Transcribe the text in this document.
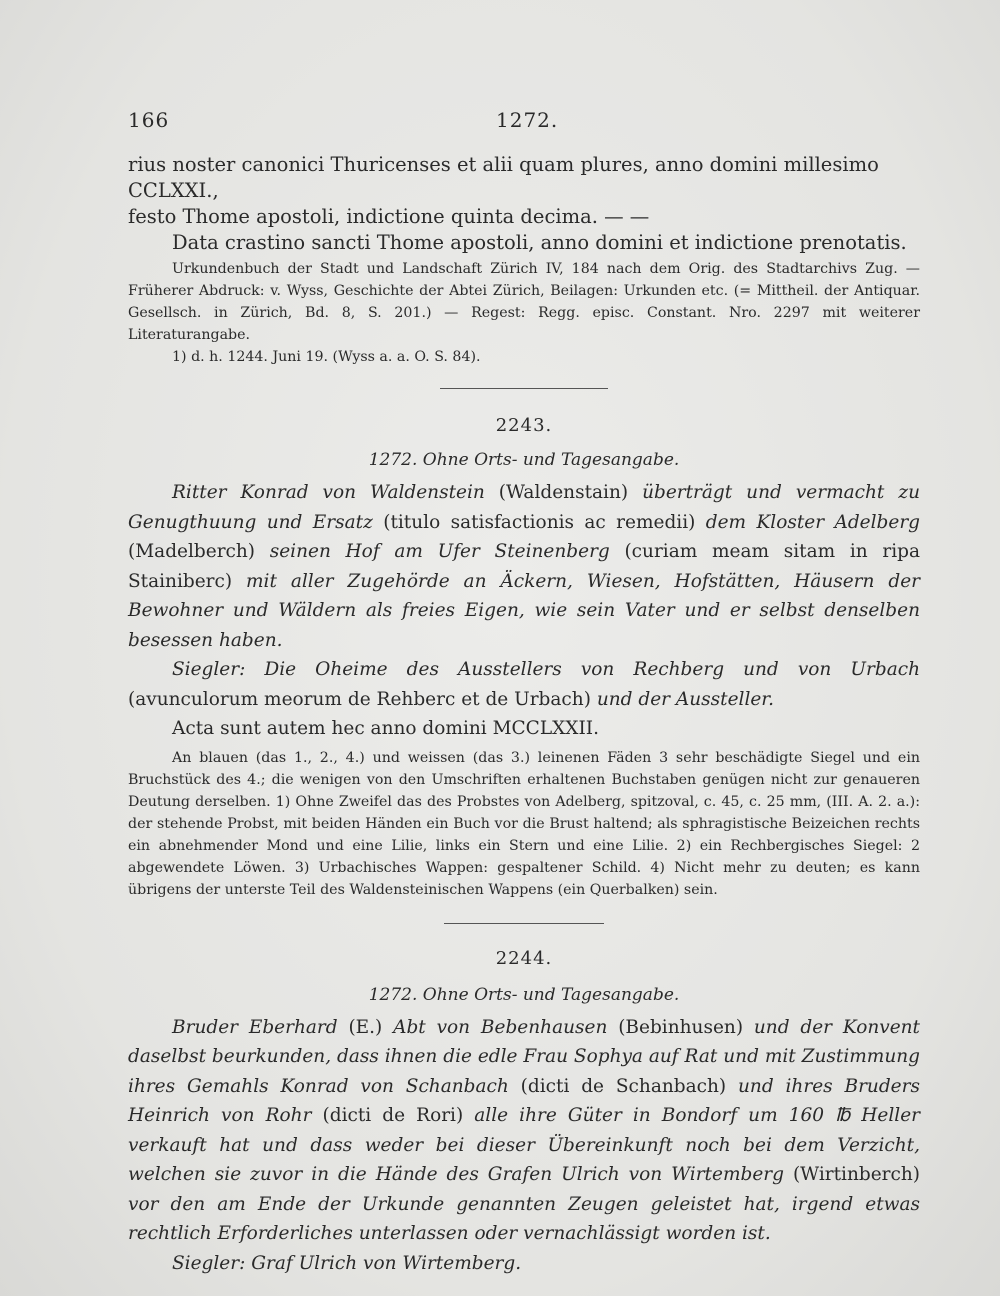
166	1272.

rius noster canonici Thuricenses et alii quam plures, anno domini millesimo CCLXXI.,

festo Thome apostoli, indictione quinta decima. — —

Data crastino sancti Thome apostoli, anno domini et indictione prenotatis.

Urkundenbuch der Stadt und Landschaft Zürich IV, 184 nach dem Orig. des Stadtarchivs Zug. — Früherer Abdruck: v. Wyss, Geschichte der Abtei Zürich, Beilagen: Urkunden etc. (= Mittheil. der Antiquar. Gesellsch. in Zürich, Bd. 8, S. 201.) — Regest: Regg. episc. Constant. Nro. 2297 mit weiterer Literaturangabe.

1) d. h. 1244. Juni 19. (Wyss a. a. O. S. 84).

2243.

1272. Ohne Orts- und Tagesangabe.

Ritter Konrad von Waldenstein (Waldenstain) überträgt und vermacht zu Genugthuung und Ersatz (titulo satisfactionis ac remedii) dem Kloster Adelberg (Madelberch) seinen Hof am Ufer Steinenberg (curiam meam sitam in ripa Stainiberc) mit aller Zugehörde an Äckern, Wiesen, Hofstätten, Häusern der Bewohner und Wäldern als freies Eigen, wie sein Vater und er selbst denselben besessen haben.

Siegler: Die Oheime des Ausstellers von Rechberg und von Urbach (avunculorum meorum de Rehberc et de Urbach) und der Aussteller.

Acta sunt autem hec anno domini MCCLXXII.

An blauen (das 1., 2., 4.) und weissen (das 3.) leinenen Fäden 3 sehr beschädigte Siegel und ein Bruchstück des 4.; die wenigen von den Umschriften erhaltenen Buchstaben genügen nicht zur genaueren Deutung derselben. 1) Ohne Zweifel das des Probstes von Adelberg, spitzoval, c. 45, c. 25 mm, (III. A. 2. a.): der stehende Probst, mit beiden Händen ein Buch vor die Brust haltend; als sphragistische Beizeichen rechts ein abnehmender Mond und eine Lilie, links ein Stern und eine Lilie. 2) ein Rechbergisches Siegel: 2 abgewendete Löwen. 3) Urbachisches Wappen: gespaltener Schild. 4) Nicht mehr zu deuten; es kann übrigens der unterste Teil des Waldensteinischen Wappens (ein Querbalken) sein.

2244.

1272. Ohne Orts- und Tagesangabe.

Bruder Eberhard (E.) Abt von Bebenhausen (Bebinhusen) und der Konvent daselbst beurkunden, dass ihnen die edle Frau Sophya auf Rat und mit Zustimmung ihres Gemahls Konrad von Schanbach (dicti de Schanbach) und ihres Bruders Heinrich von Rohr (dicti de Rori) alle ihre Güter in Bondorf um 160 ℔ Heller verkauft hat und dass weder bei dieser Übereinkunft noch bei dem Verzicht, welchen sie zuvor in die Hände des Grafen Ulrich von Wirtemberg (Wirtinberch) vor den am Ende der Urkunde genannten Zeugen geleistet hat, irgend etwas rechtlich Erforderliches unterlassen oder vernachlässigt worden ist.

Siegler: Graf Ulrich von Wirtemberg.
